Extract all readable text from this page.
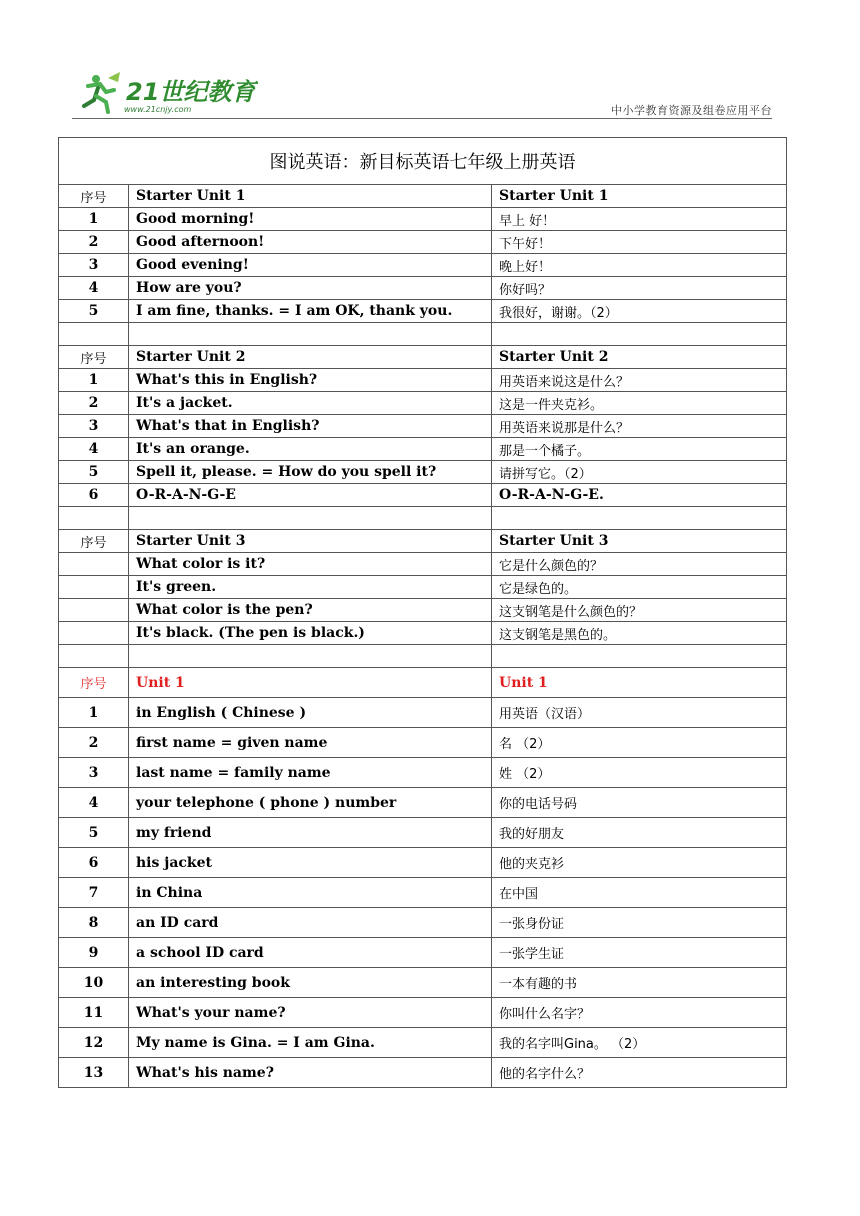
21世纪教育
www.21cnjy.com	中小学教育资源及组卷应用平台
图说英语：新目标英语七年级上册英语		
序号	Starter Unit 1	Starter Unit 1
1	Good morning!	早上 好！
2	Good afternoon!	下午好！
3	Good evening!	晚上好！
4	How are you?	你好吗？
5	I am fine, thanks. = I am OK, thank you.	我很好，谢谢。（2）

序号	Starter Unit 2	Starter Unit 2
1	What's this in English?	用英语来说这是什么？
2	It's a jacket.	这是一件夹克衫。
3	What's that in English?	用英语来说那是什么？
4	It's an orange.	那是一个橘子。
5	Spell it, please. = How do you spell it?	请拼写它。（2）
6	O-R-A-N-G-E	O-R-A-N-G-E.

序号	Starter Unit 3	Starter Unit 3
	What color is it?	它是什么颜色的？
	It's green.	它是绿色的。
	What color is the pen?	这支钢笔是什么颜色的？
	It's black. (The pen is black.)	这支钢笔是黑色的。

序号	Unit 1	Unit 1
1	in English ( Chinese )	用英语（汉语）
2	first name = given name	名 （2）
3	last name = family name	姓 （2）
4	your telephone ( phone ) number	你的电话号码
5	my friend	我的好朋友
6	his jacket	他的夹克衫
7	in China	在中国
8	an ID card	一张身份证
9	a school ID card	一张学生证
10	an interesting book	一本有趣的书
11	What's your name?	你叫什么名字？
12	My name is Gina. = I am Gina.	我的名字叫Gina。 （2）
13	What's his name?	他的名字什么？
